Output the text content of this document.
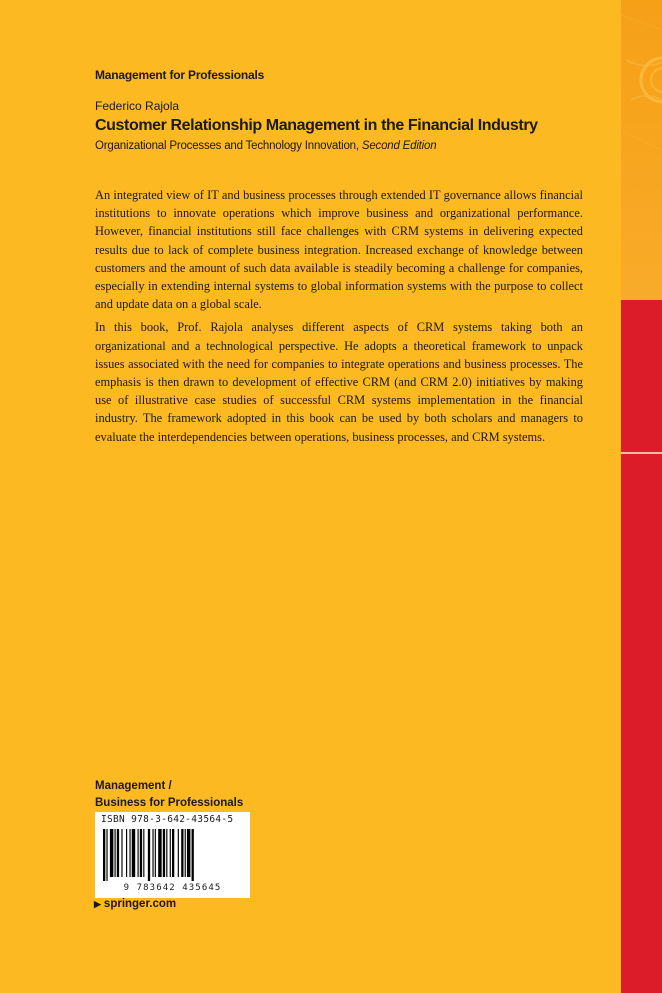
Management for Professionals
Federico Rajola
Customer Relationship Management in the Financial Industry
Organizational Processes and Technology Innovation, Second Edition

An integrated view of IT and business processes through extended IT governance allows financial institutions to innovate operations which improve business and organizational performance. However, financial institutions still face challenges with CRM systems in delivering expected results due to lack of complete business integration. Increased exchange of knowledge between customers and the amount of such data available is steadily becoming a challenge for companies, especially in extending internal systems to global information systems with the purpose to collect and update data on a global scale.

In this book, Prof. Rajola analyses different aspects of CRM systems taking both an organizational and a technological perspective. He adopts a theoretical framework to unpack issues associated with the need for companies to integrate operations and business processes. The emphasis is then drawn to development of effective CRM (and CRM 2.0) initiatives by making use of illustrative case studies of successful CRM systems implementation in the financial industry. The framework adopted in this book can be used by both scholars and managers to evaluate the interdependencies between operations, business processes, and CRM systems.

Management /
Business for Professionals
ISBN 978-3-642-43564-5
9 783642 435645
▶ springer.com
